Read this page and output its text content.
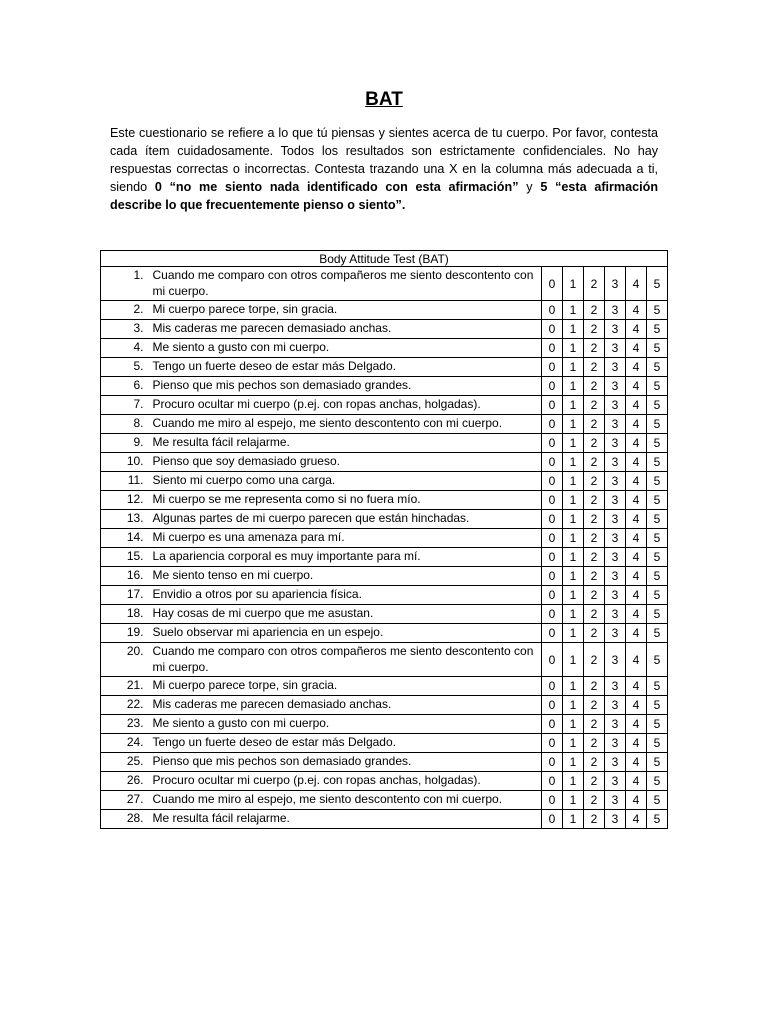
BAT

Este cuestionario se refiere a lo que tú piensas y sientes acerca de tu cuerpo. Por favor, contesta cada ítem cuidadosamente. Todos los resultados son estrictamente confidenciales. No hay respuestas correctas o incorrectas. Contesta trazando una X en la columna más adecuada a ti, siendo 0 “no me siento nada identificado con esta afirmación” y 5 “esta afirmación describe lo que frecuentemente pienso o siento”.

Body Attitude Test (BAT)							
1.	Cuando me comparo con otros compañeros me siento descontento con mi cuerpo.	0	1	2	3	4	5
2.	Mi cuerpo parece torpe, sin gracia.	0	1	2	3	4	5
3.	Mis caderas me parecen demasiado anchas.	0	1	2	3	4	5
4.	Me siento a gusto con mi cuerpo.	0	1	2	3	4	5
5.	Tengo un fuerte deseo de estar más Delgado.	0	1	2	3	4	5
6.	Pienso que mis pechos son demasiado grandes.	0	1	2	3	4	5
7.	Procuro ocultar mi cuerpo (p.ej. con ropas anchas, holgadas).	0	1	2	3	4	5
8.	Cuando me miro al espejo, me siento descontento con mi cuerpo.	0	1	2	3	4	5
9.	Me resulta fácil relajarme.	0	1	2	3	4	5
10.	Pienso que soy demasiado grueso.	0	1	2	3	4	5
11.	Siento mi cuerpo como una carga.	0	1	2	3	4	5
12.	Mi cuerpo se me representa como si no fuera mío.	0	1	2	3	4	5
13.	Algunas partes de mi cuerpo parecen que están hinchadas.	0	1	2	3	4	5
14.	Mi cuerpo es una amenaza para mí.	0	1	2	3	4	5
15.	La apariencia corporal es muy importante para mí.	0	1	2	3	4	5
16.	Me siento tenso en mi cuerpo.	0	1	2	3	4	5
17.	Envidio a otros por su apariencia física.	0	1	2	3	4	5
18.	Hay cosas de mi cuerpo que me asustan.	0	1	2	3	4	5
19.	Suelo observar mi apariencia en un espejo.	0	1	2	3	4	5
20.	Cuando me comparo con otros compañeros me siento descontento con mi cuerpo.	0	1	2	3	4	5
21.	Mi cuerpo parece torpe, sin gracia.	0	1	2	3	4	5
22.	Mis caderas me parecen demasiado anchas.	0	1	2	3	4	5
23.	Me siento a gusto con mi cuerpo.	0	1	2	3	4	5
24.	Tengo un fuerte deseo de estar más Delgado.	0	1	2	3	4	5
25.	Pienso que mis pechos son demasiado grandes.	0	1	2	3	4	5
26.	Procuro ocultar mi cuerpo (p.ej. con ropas anchas, holgadas).	0	1	2	3	4	5
27.	Cuando me miro al espejo, me siento descontento con mi cuerpo.	0	1	2	3	4	5
28.	Me resulta fácil relajarme.	0	1	2	3	4	5
